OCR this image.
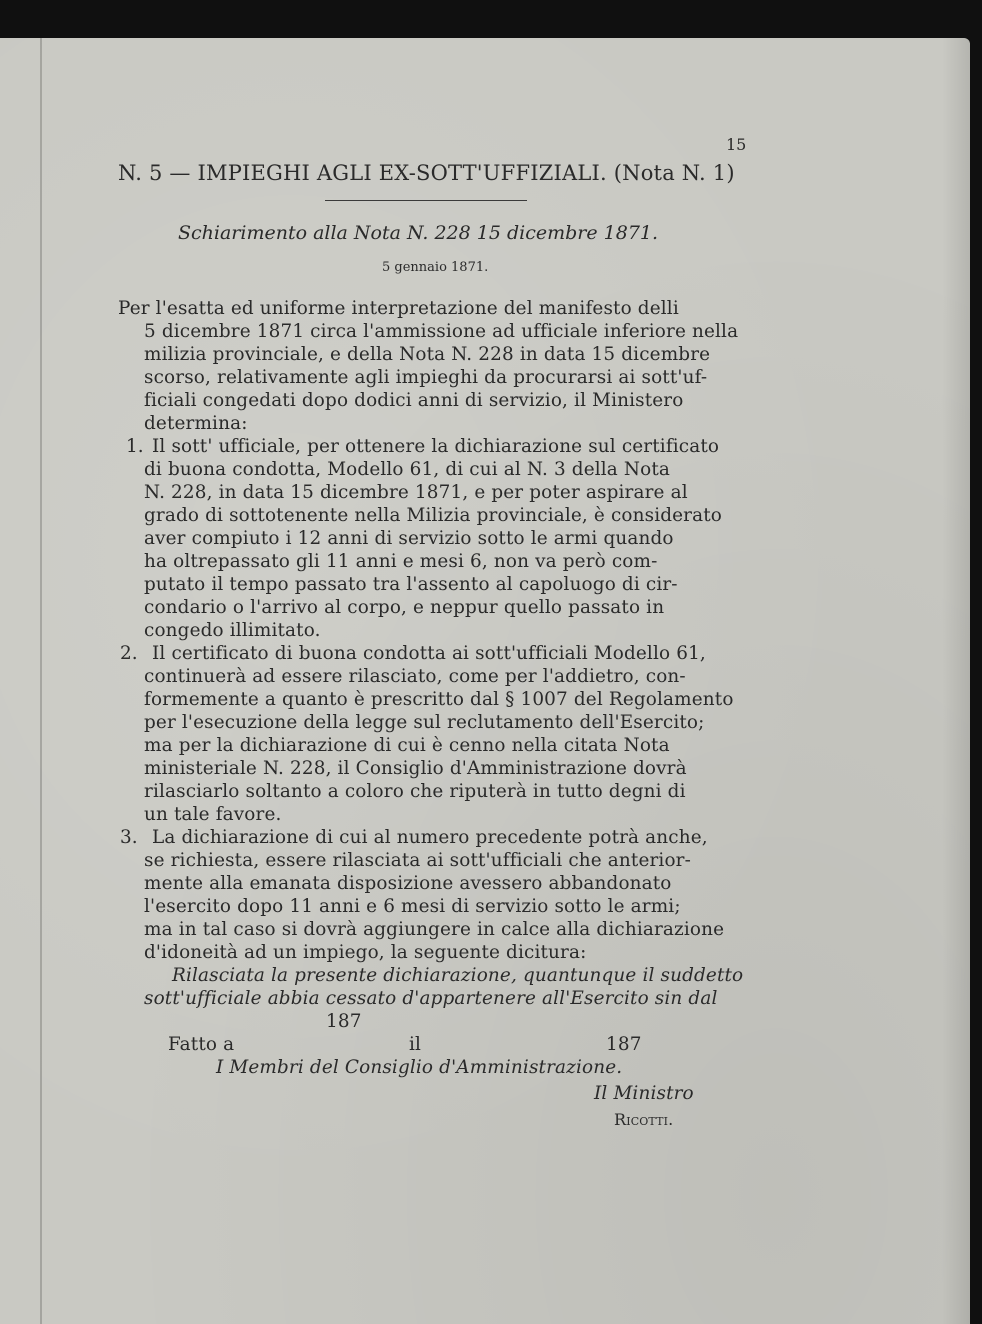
15
N. 5 — IMPIEGHI AGLI EX-SOTT'UFFIZIALI. (Nota N. 1)
Schiarimento alla Nota N. 228 15 dicembre 1871.
5 gennaio 1871.
Per l'esatta ed uniforme interpretazione del manifesto delli
5 dicembre 1871 circa l'ammissione ad ufficiale inferiore nella
milizia provinciale, e della Nota N. 228 in data 15 dicembre
scorso, relativamente agli impieghi da procurarsi ai sott'uf-
ficiali congedati dopo dodici anni di servizio, il Ministero
determina:
1. Il sott' ufficiale, per ottenere la dichiarazione sul certificato
di buona condotta, Modello 61, di cui al N. 3 della Nota
N. 228, in data 15 dicembre 1871, e per poter aspirare al
grado di sottotenente nella Milizia provinciale, è considerato
aver compiuto i 12 anni di servizio sotto le armi quando
ha oltrepassato gli 11 anni e mesi 6, non va però com-
putato il tempo passato tra l'assento al capoluogo di cir-
condario o l'arrivo al corpo, e neppur quello passato in
congedo illimitato.
2. Il certificato di buona condotta ai sott'ufficiali Modello 61,
continuerà ad essere rilasciato, come per l'addietro, con-
formemente a quanto è prescritto dal § 1007 del Regolamento
per l'esecuzione della legge sul reclutamento dell'Esercito;
ma per la dichiarazione di cui è cenno nella citata Nota
ministeriale N. 228, il Consiglio d'Amministrazione dovrà
rilasciarlo soltanto a coloro che riputerà in tutto degni di
un tale favore.
3. La dichiarazione di cui al numero precedente potrà anche,
se richiesta, essere rilasciata ai sott'ufficiali che anterior-
mente alla emanata disposizione avessero abbandonato
l'esercito dopo 11 anni e 6 mesi di servizio sotto le armi;
ma in tal caso si dovrà aggiungere in calce alla dichiarazione
d'idoneità ad un impiego, la seguente dicitura:
Rilasciata la presente dichiarazione, quantunque il suddetto
sott'ufficiale abbia cessato d'appartenere all'Esercito sin dal
187
Fatto a	il	187
I Membri del Consiglio d'Amministrazione.
Il Ministro
Ricotti.
